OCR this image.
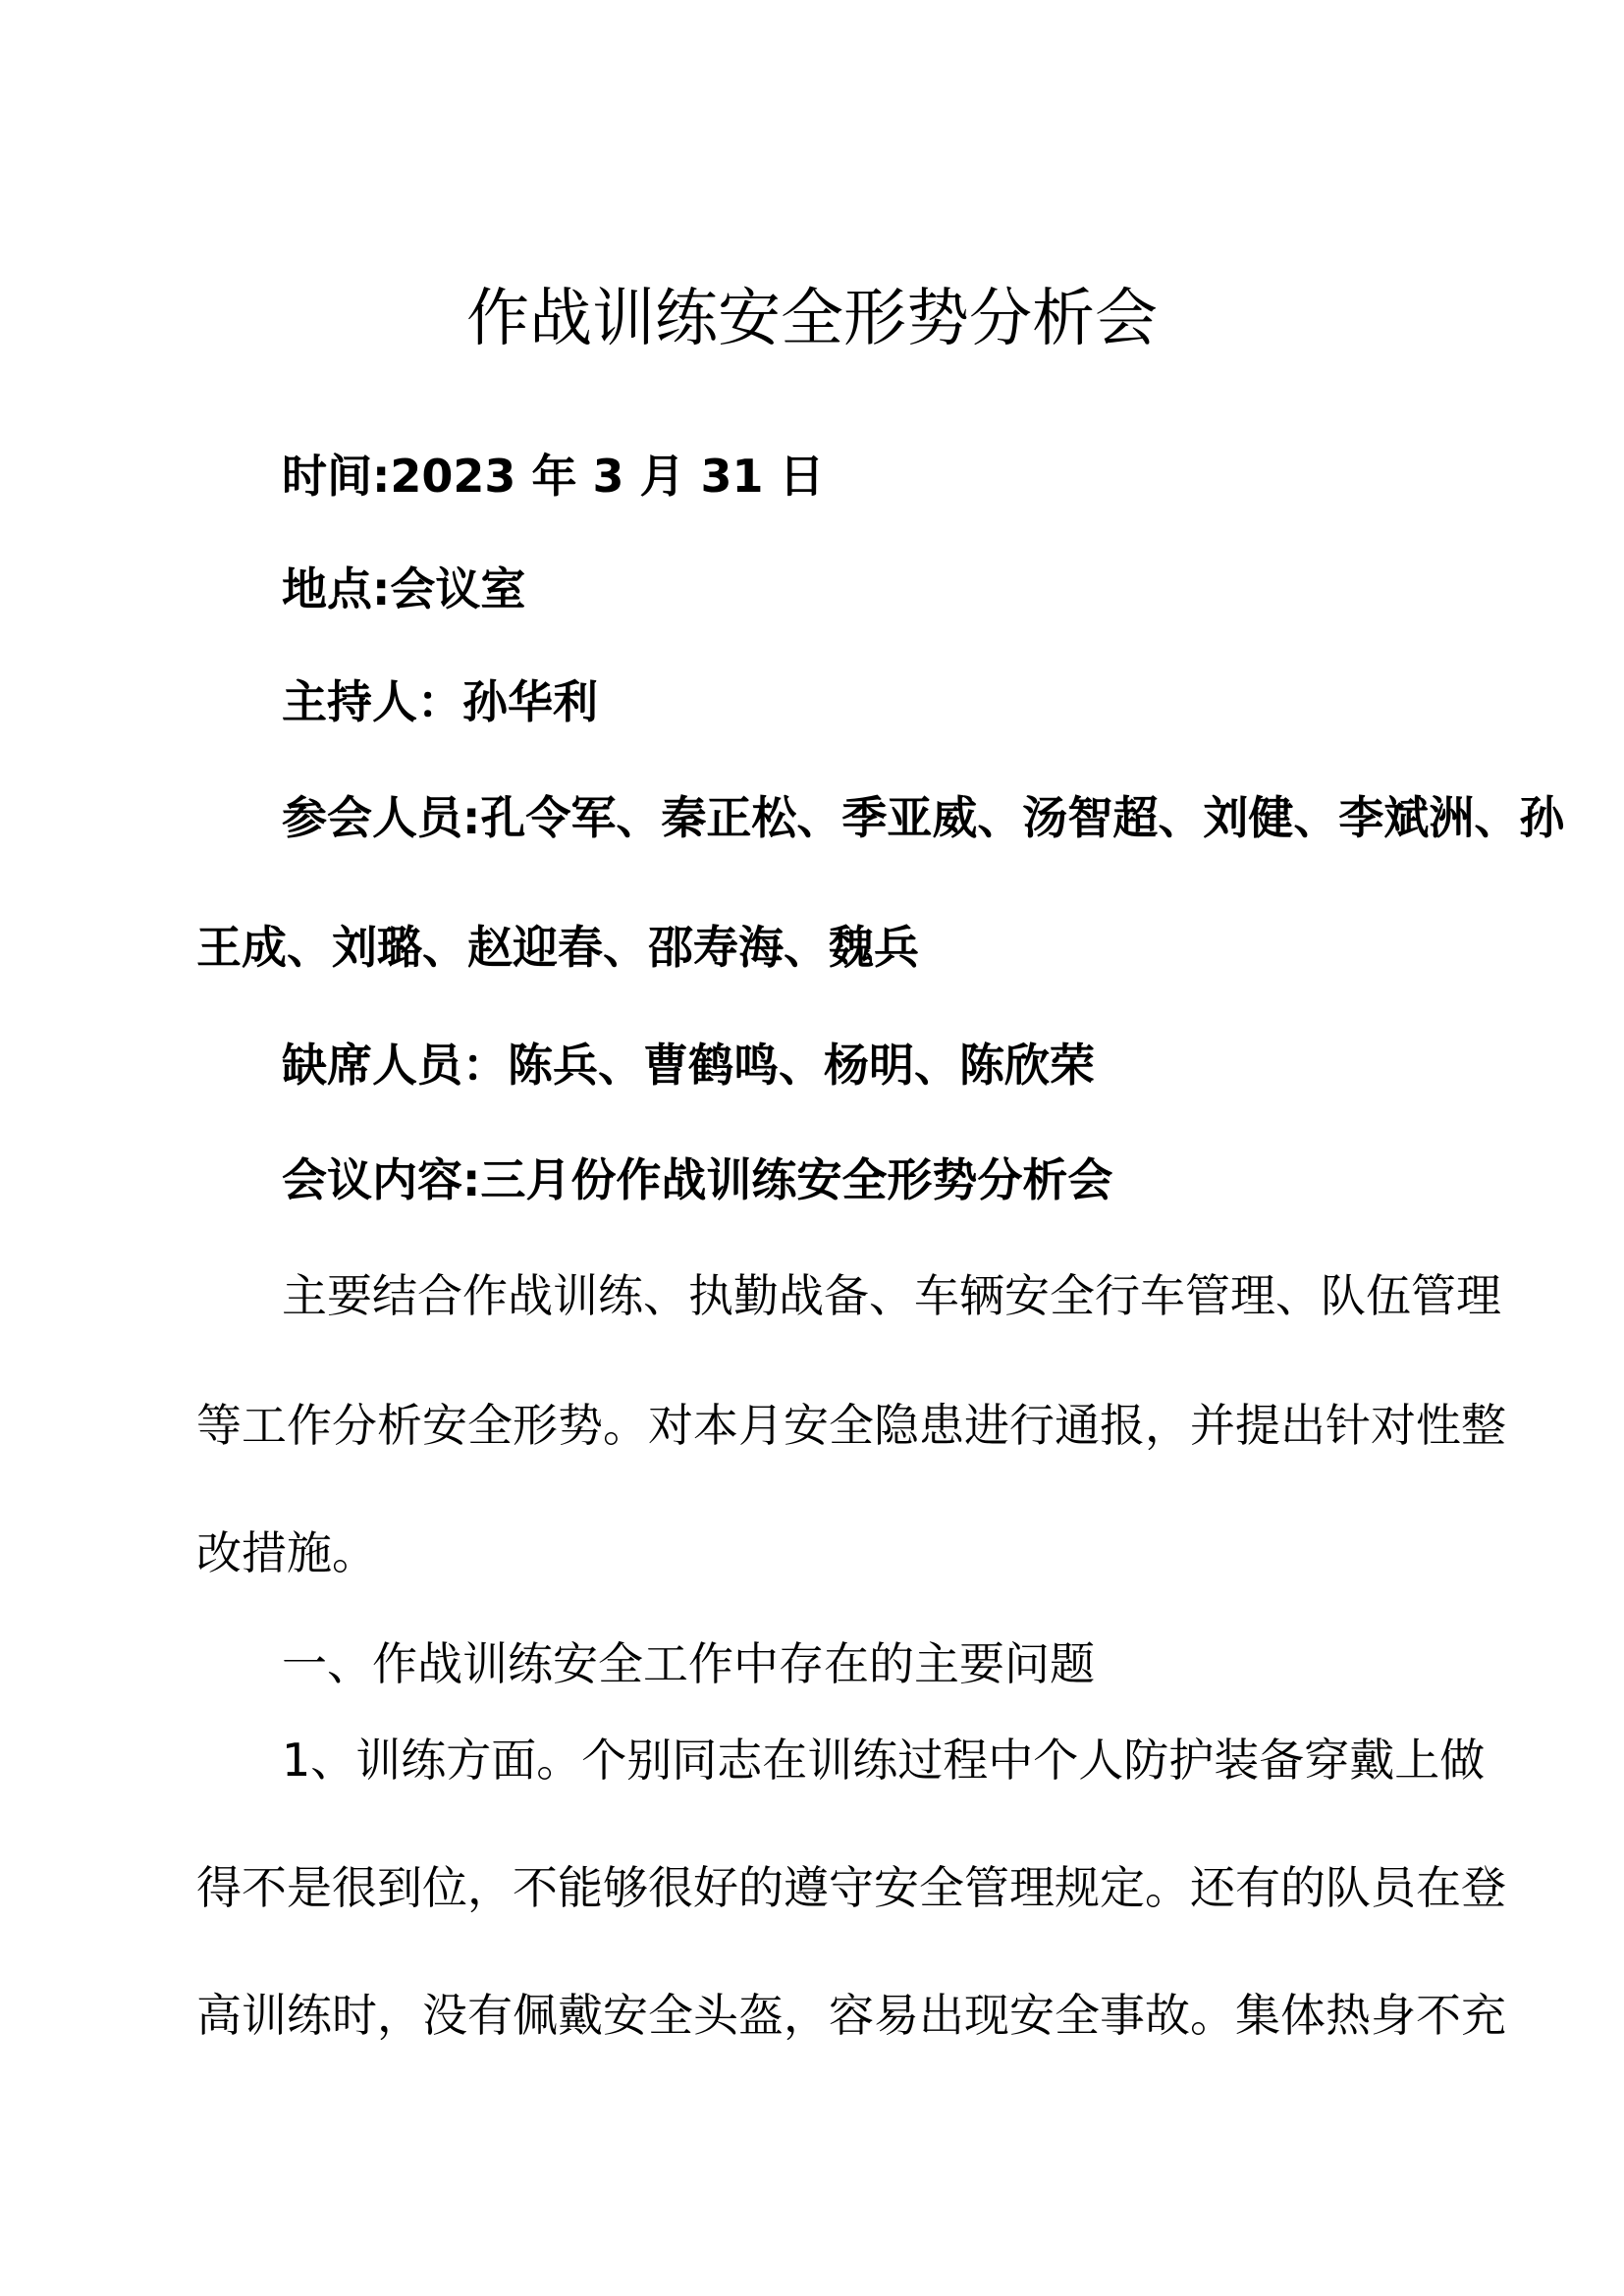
作战训练安全形势分析会

时间:2023 年 3 月 31 日

地点:会议室

主持人：孙华利

参会人员:孔令军、秦正松、季亚威、汤智超、刘健、李斌洲、孙

王成、刘璐、赵迎春、邵寿海、魏兵

缺席人员：陈兵、曹鹤鸣、杨明、陈欣荣

会议内容:三月份作战训练安全形势分析会

主要结合作战训练、执勤战备、车辆安全行车管理、队伍管理

等工作分析安全形势。对本月安全隐患进行通报，并提出针对性整

改措施。

一、作战训练安全工作中存在的主要问题

1、训练方面。个别同志在训练过程中个人防护装备穿戴上做

得不是很到位，不能够很好的遵守安全管理规定。还有的队员在登

高训练时，没有佩戴安全头盔，容易出现安全事故。集体热身不充
